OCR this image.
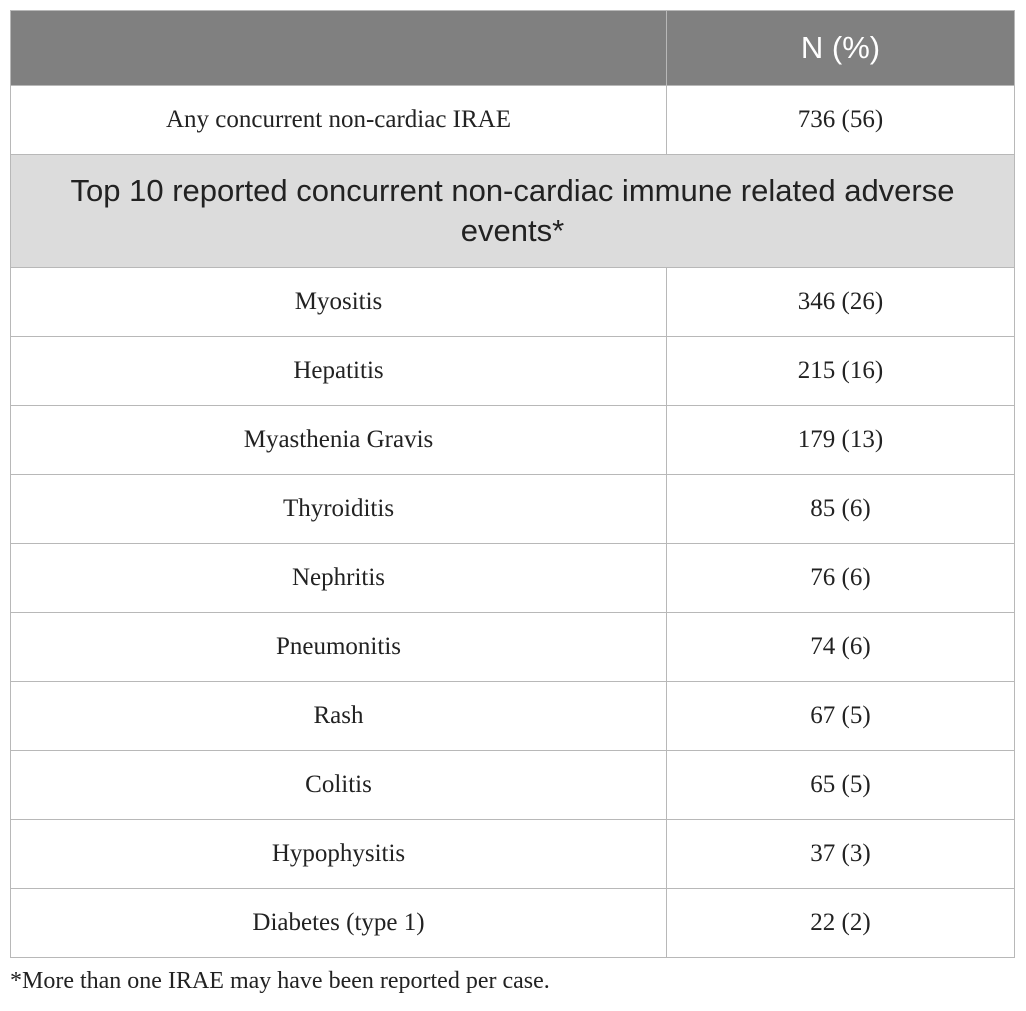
	N (%)
Any concurrent non-cardiac IRAE	736 (56)
Top 10 reported concurrent non-cardiac immune related adverse events*	
Myositis	346 (26)
Hepatitis	215 (16)
Myasthenia Gravis	179 (13)
Thyroiditis	85 (6)
Nephritis	76 (6)
Pneumonitis	74 (6)
Rash	67 (5)
Colitis	65 (5)
Hypophysitis	37 (3)
Diabetes (type 1)	22 (2)
*More than one IRAE may have been reported per case.
